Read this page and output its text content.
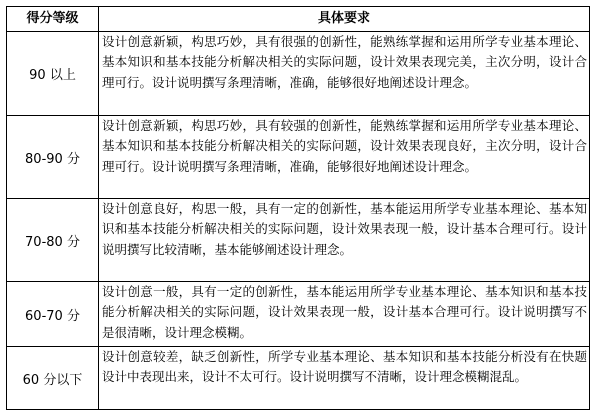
得分等级	具体要求
90 以上	设计创意新颖，构思巧妙，具有很强的创新性，能熟练掌握和运用所学专业基本理论、基本知识和基本技能分析解决相关的实际问题，设计效果表现完美，主次分明，设计合理可行。设计说明撰写条理清晰，准确，能够很好地阐述设计理念。
80-90 分	设计创意新颖，构思巧妙，具有较强的创新性，能熟练掌握和运用所学专业基本理论、基本知识和基本技能分析解决相关的实际问题，设计效果表现良好，主次分明，设计合理可行。设计说明撰写条理清晰，准确，能够很好地阐述设计理念。
70-80 分	设计创意良好，构思一般，具有一定的创新性，基本能运用所学专业基本理论、基本知识和基本技能分析解决相关的实际问题，设计效果表现一般，设计基本合理可行。设计说明撰写比较清晰，基本能够阐述设计理念。
60-70 分	设计创意一般，具有一定的创新性，基本能运用所学专业基本理论、基本知识和基本技能分析解决相关的实际问题，设计效果表现一般，设计基本合理可行。设计说明撰写不是很清晰，设计理念模糊。
60 分以下	设计创意较差，缺乏创新性，所学专业基本理论、基本知识和基本技能分析没有在快题设计中表现出来，设计不太可行。设计说明撰写不清晰，设计理念模糊混乱。
